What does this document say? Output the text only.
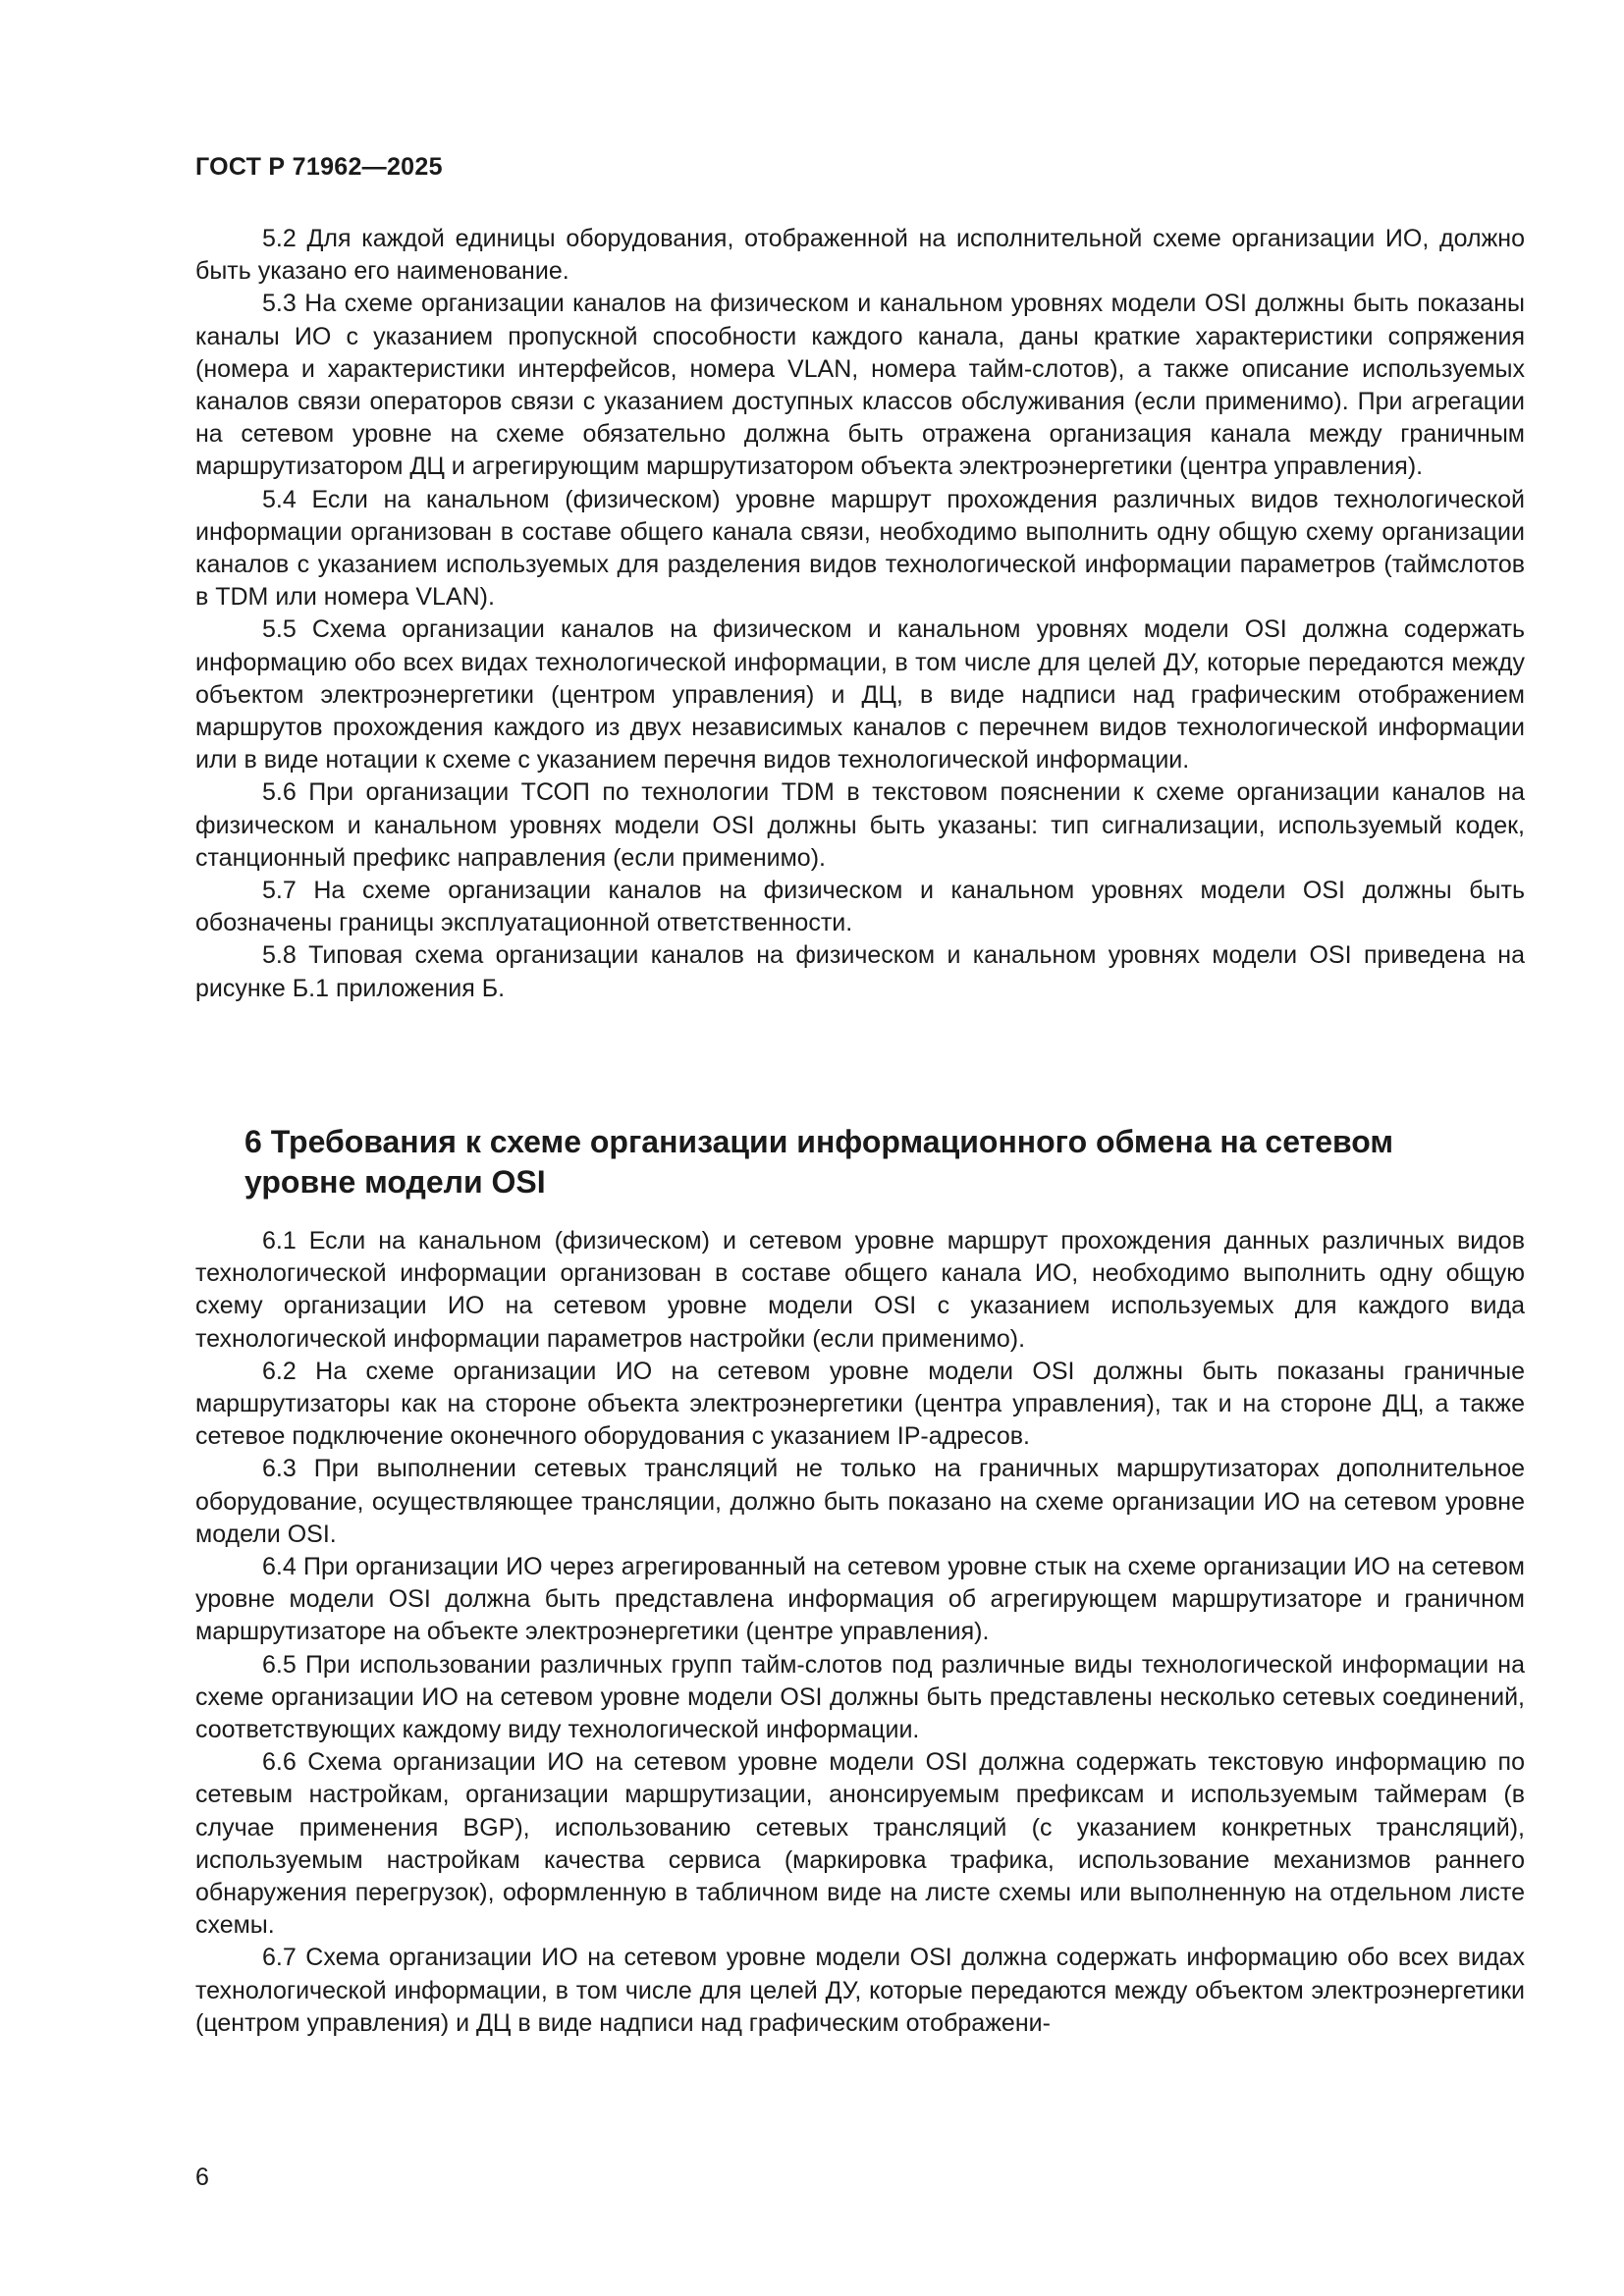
ГОСТ Р 71962—2025

5.2 Для каждой единицы оборудования, отображенной на исполнительной схеме организации ИО, должно быть указано его наименование.

5.3 На схеме организации каналов на физическом и канальном уровнях модели OSI должны быть показаны каналы ИО с указанием пропускной способности каждого канала, даны краткие характеристики сопряжения (номера и характеристики интерфейсов, номера VLAN, номера тайм-слотов), а также описание используемых каналов связи операторов связи с указанием доступных классов обслуживания (если применимо). При агрегации на сетевом уровне на схеме обязательно должна быть отражена организация канала между граничным маршрутизатором ДЦ и агрегирующим маршрутизатором объекта электроэнергетики (центра управления).

5.4 Если на канальном (физическом) уровне маршрут прохождения различных видов технологической информации организован в составе общего канала связи, необходимо выполнить одну общую схему организации каналов с указанием используемых для разделения видов технологической информации параметров (таймслотов в TDM или номера VLAN).

5.5 Схема организации каналов на физическом и канальном уровнях модели OSI должна содержать информацию обо всех видах технологической информации, в том числе для целей ДУ, которые передаются между объектом электроэнергетики (центром управления) и ДЦ, в виде надписи над графическим отображением маршрутов прохождения каждого из двух независимых каналов с перечнем видов технологической информации или в виде нотации к схеме с указанием перечня видов технологической информации.

5.6 При организации ТСОП по технологии TDM в текстовом пояснении к схеме организации каналов на физическом и канальном уровнях модели OSI должны быть указаны: тип сигнализации, используемый кодек, станционный префикс направления (если применимо).

5.7 На схеме организации каналов на физическом и канальном уровнях модели OSI должны быть обозначены границы эксплуатационной ответственности.

5.8 Типовая схема организации каналов на физическом и канальном уровнях модели OSI приведена на рисунке Б.1 приложения Б.

6 Требования к схеме организации информационного обмена на сетевом уровне модели OSI

6.1 Если на канальном (физическом) и сетевом уровне маршрут прохождения данных различных видов технологической информации организован в составе общего канала ИО, необходимо выполнить одну общую схему организации ИО на сетевом уровне модели OSI с указанием используемых для каждого вида технологической информации параметров настройки (если применимо).

6.2 На схеме организации ИО на сетевом уровне модели OSI должны быть показаны граничные маршрутизаторы как на стороне объекта электроэнергетики (центра управления), так и на стороне ДЦ, а также сетевое подключение оконечного оборудования с указанием IP-адресов.

6.3 При выполнении сетевых трансляций не только на граничных маршрутизаторах дополнительное оборудование, осуществляющее трансляции, должно быть показано на схеме организации ИО на сетевом уровне модели OSI.

6.4 При организации ИО через агрегированный на сетевом уровне стык на схеме организации ИО на сетевом уровне модели OSI должна быть представлена информация об агрегирующем маршрутизаторе и граничном маршрутизаторе на объекте электроэнергетики (центре управления).

6.5 При использовании различных групп тайм-слотов под различные виды технологической информации на схеме организации ИО на сетевом уровне модели OSI должны быть представлены несколько сетевых соединений, соответствующих каждому виду технологической информации.

6.6 Схема организации ИО на сетевом уровне модели OSI должна содержать текстовую информацию по сетевым настройкам, организации маршрутизации, анонсируемым префиксам и используемым таймерам (в случае применения BGP), использованию сетевых трансляций (с указанием конкретных трансляций), используемым настройкам качества сервиса (маркировка трафика, использование механизмов раннего обнаружения перегрузок), оформленную в табличном виде на листе схемы или выполненную на отдельном листе схемы.

6.7 Схема организации ИО на сетевом уровне модели OSI должна содержать информацию обо всех видах технологической информации, в том числе для целей ДУ, которые передаются между объектом электроэнергетики (центром управления) и ДЦ в виде надписи над графическим отображени-

6
